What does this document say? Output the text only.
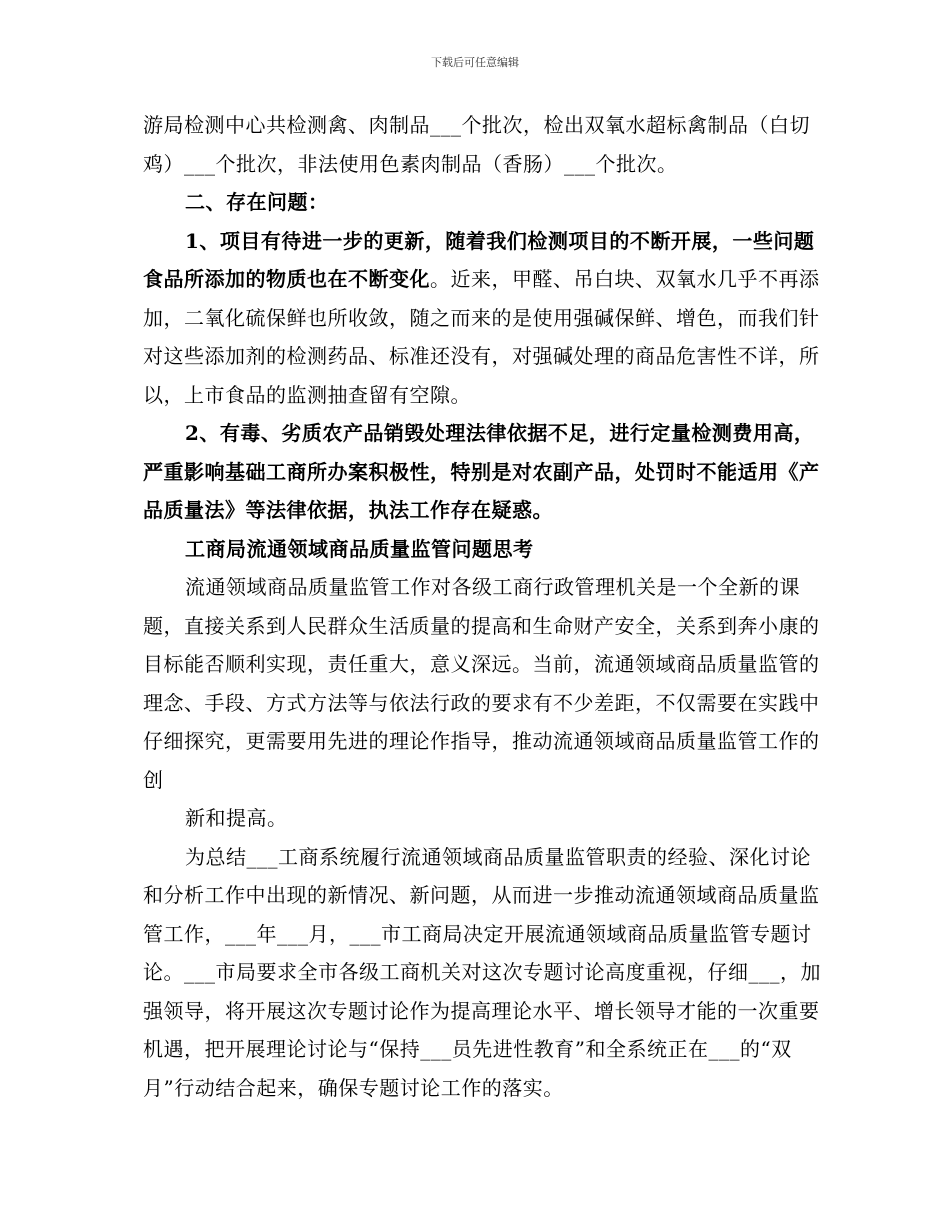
下载后可任意编辑

游局检测中心共检测禽、肉制品___个批次，检出双氧水超标禽制品（白切鸡）___个批次，非法使用色素肉制品（香肠）___个批次。

二、存在问题：

1、项目有待进一步的更新，随着我们检测项目的不断开展，一些问题食品所添加的物质也在不断变化。近来，甲醛、吊白块、双氧水几乎不再添加，二氧化硫保鲜也所收敛，随之而来的是使用强碱保鲜、增色，而我们针对这些添加剂的检测药品、标准还没有，对强碱处理的商品危害性不详，所以，上市食品的监测抽查留有空隙。

2、有毒、劣质农产品销毁处理法律依据不足，进行定量检测费用高，严重影响基础工商所办案积极性，特别是对农副产品，处罚时不能适用《产品质量法》等法律依据，执法工作存在疑惑。

工商局流通领域商品质量监管问题思考

流通领域商品质量监管工作对各级工商行政管理机关是一个全新的课题，直接关系到人民群众生活质量的提高和生命财产安全，关系到奔小康的目标能否顺利实现，责任重大，意义深远。当前，流通领域商品质量监管的理念、手段、方式方法等与依法行政的要求有不少差距，不仅需要在实践中仔细探究，更需要用先进的理论作指导，推动流通领域商品质量监管工作的创

新和提高。

为总结___工商系统履行流通领域商品质量监管职责的经验、深化讨论和分析工作中出现的新情况、新问题，从而进一步推动流通领域商品质量监管工作，___年___月，___市工商局决定开展流通领域商品质量监管专题讨论。___市局要求全市各级工商机关对这次专题讨论高度重视，仔细___，加强领导，将开展这次专题讨论作为提高理论水平、增长领导才能的一次重要机遇，把开展理论讨论与“保持___员先进性教育”和全系统正在___的“双月”行动结合起来，确保专题讨论工作的落实。
